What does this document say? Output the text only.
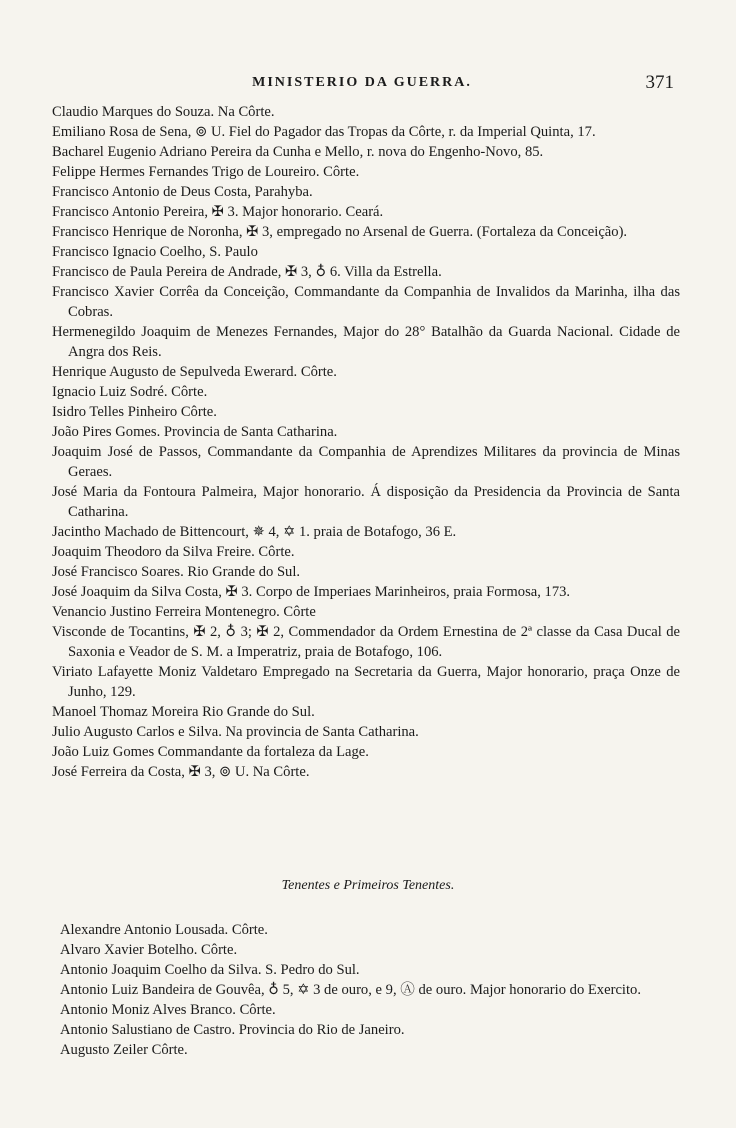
MINISTERIO DA GUERRA.	371
Claudio Marques do Souza. Na Côrte.
Emiliano Rosa de Sena, ⊚ U. Fiel do Pagador das Tropas da Côrte, r. da Imperial Quinta, 17.
Bacharel Eugenio Adriano Pereira da Cunha e Mello, r. nova do Engenho-Novo, 85.
Felippe Hermes Fernandes Trigo de Loureiro. Côrte.
Francisco Antonio de Deus Costa, Parahyba.
Francisco Antonio Pereira, ✠ 3. Major honorario. Ceará.
Francisco Henrique de Noronha, ✠ 3, empregado no Arsenal de Guerra. (Fortaleza da Conceição).
Francisco Ignacio Coelho, S. Paulo
Francisco de Paula Pereira de Andrade, ✠ 3, ♁ 6. Villa da Estrella.
Francisco Xavier Corrêa da Conceição, Commandante da Companhia de Invalidos da Marinha, ilha das Cobras.
Hermenegildo Joaquim de Menezes Fernandes, Major do 28° Batalhão da Guarda Nacional. Cidade de Angra dos Reis.
Henrique Augusto de Sepulveda Ewerard. Côrte.
Ignacio Luiz Sodré. Côrte.
Isidro Telles Pinheiro Côrte.
João Pires Gomes. Provincia de Santa Catharina.
Joaquim José de Passos, Commandante da Companhia de Aprendizes Militares da provincia de Minas Geraes.
José Maria da Fontoura Palmeira, Major honorario. Á disposição da Presidencia da Provincia de Santa Catharina.
Jacintho Machado de Bittencourt, ✵ 4, ✡ 1. praia de Botafogo, 36 E.
Joaquim Theodoro da Silva Freire. Côrte.
José Francisco Soares. Rio Grande do Sul.
José Joaquim da Silva Costa, ✠ 3. Corpo de Imperiaes Marinheiros, praia Formosa, 173.
Venancio Justino Ferreira Montenegro. Côrte
Visconde de Tocantins, ✠ 2, ♁ 3; ✠ 2, Commendador da Ordem Ernestina de 2ª classe da Casa Ducal de Saxonia e Veador de S. M. a Imperatriz, praia de Botafogo, 106.
Viriato Lafayette Moniz Valdetaro Empregado na Secretaria da Guerra, Major honorario, praça Onze de Junho, 129.
Manoel Thomaz Moreira Rio Grande do Sul.
Julio Augusto Carlos e Silva. Na provincia de Santa Catharina.
João Luiz Gomes Commandante da fortaleza da Lage.
José Ferreira da Costa, ✠ 3, ⊚ U. Na Côrte.
Tenentes e Primeiros Tenentes.
Alexandre Antonio Lousada. Côrte.
Alvaro Xavier Botelho. Côrte.
Antonio Joaquim Coelho da Silva. S. Pedro do Sul.
Antonio Luiz Bandeira de Gouvêa, ♁ 5, ✡ 3 de ouro, e 9, Ⓐ de ouro. Major honorario do Exercito.
Antonio Moniz Alves Branco. Côrte.
Antonio Salustiano de Castro. Provincia do Rio de Janeiro.
Augusto Zeiler Côrte.
